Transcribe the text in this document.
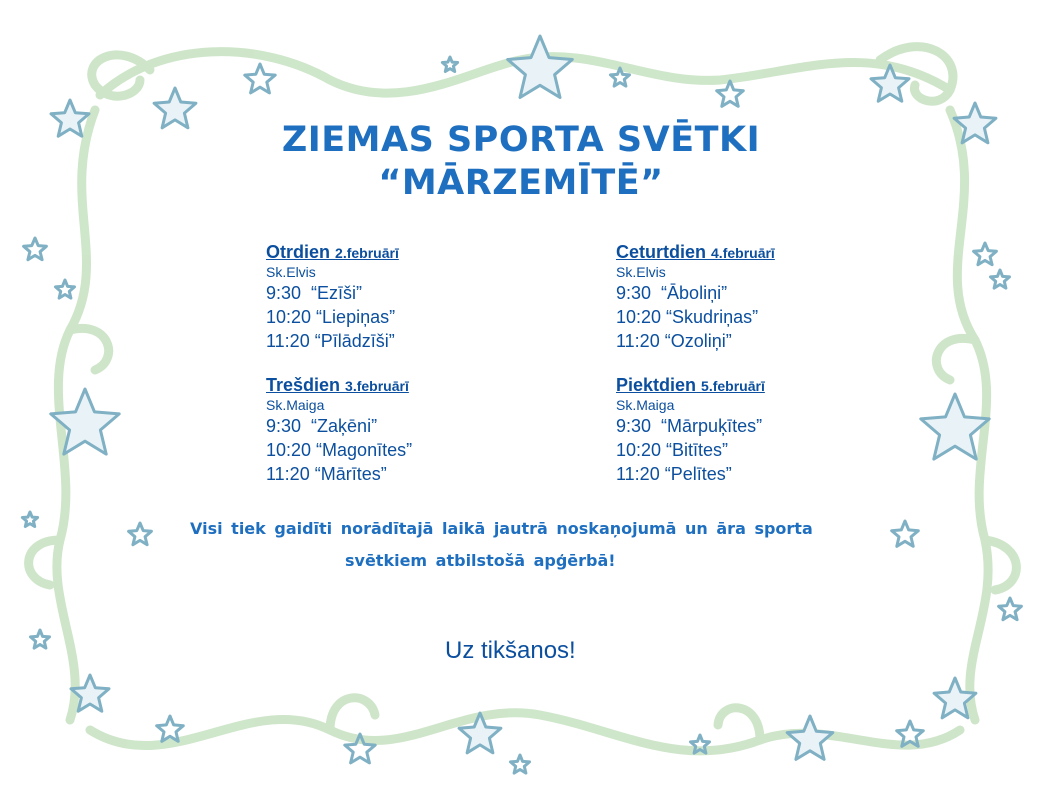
ZIEMAS SPORTA SVĒTKI
“MĀRZEMĪTĒ”
Otrdien 2.februārī
Sk.Elvis
9:30  “Ezīši”
10:20 “Liepiņas”
11:20 “Pīlādzīši”
Ceturtdien 4.februārī
Sk.Elvis
9:30  “Āboliņi”
10:20 “Skudriņas”
11:20 “Ozoliņi”
Trešdien 3.februārī
Sk.Maiga
9:30  “Zaķēni”
10:20 “Magonītes”
11:20 “Mārītes”
Piektdien 5.februārī
Sk.Maiga
9:30  “Mārpuķītes”
10:20 “Bitītes”
11:20 “Pelītes”
Visi tiek gaidīti norādītajā laikā jautrā noskaņojumā un āra sporta
svētkiem atbilstošā apģērbā!
Uz tikšanos!
